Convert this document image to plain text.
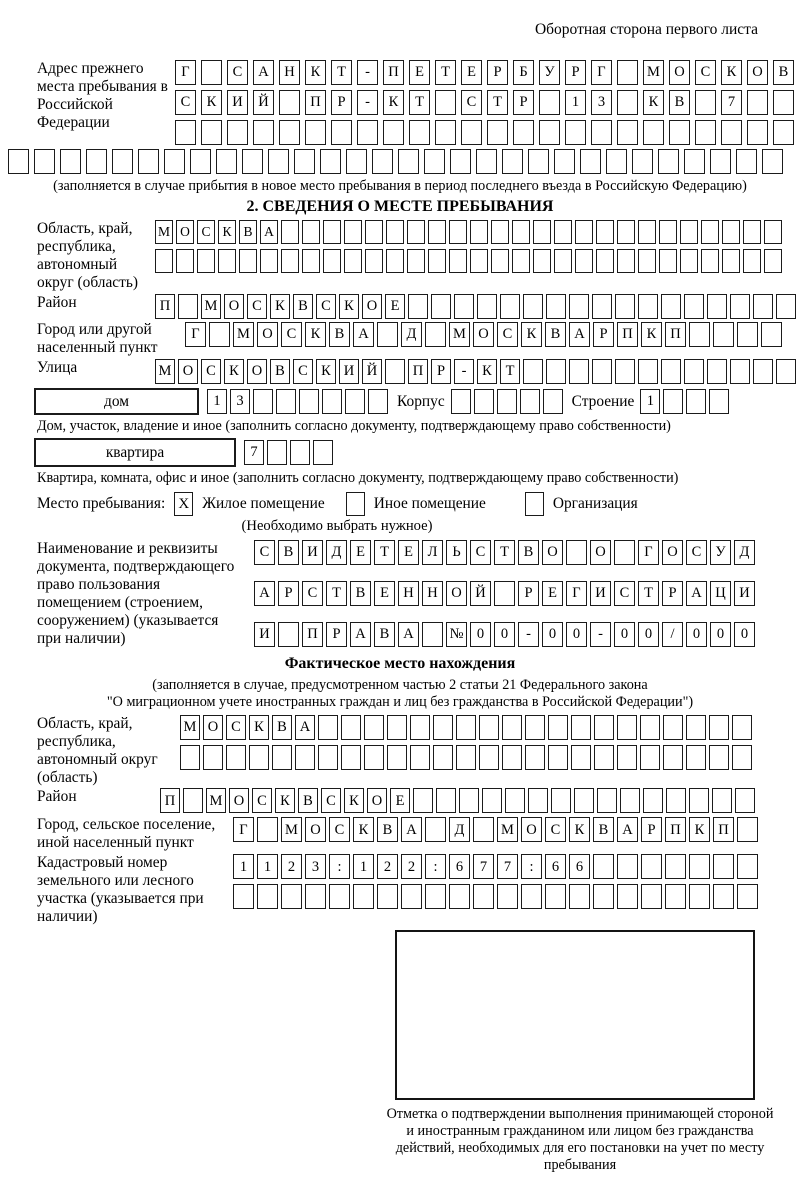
Оборотная сторона первого листа
Адрес прежнего места пребывания в Российской Федерации
Г	С	А	Н	К	Т	-	П	Е	Т	Е	Р	Б	У	Р	Г	М О	С	К	О	В
С	К	И	Й	П	Р	-	К	Т	С	Т	Р	1	3	К	В	7
(заполняется в случае прибытия в новое место пребывания в период последнего въезда в Российскую Федерацию)
2. СВЕДЕНИЯ О МЕСТЕ ПРЕБЫВАНИЯ
Область, край, республика, автономный округ (область)
М О С К В А
Район	П	М О С К В С К О Е
Город или другой населенный пункт
Г	М О С К В А	Д	М О С К В А	Р	П К П
Улица	М О С К О В С К И Й	П Р	-	К Т
дом	1	3	Корпус	Строение 1
Дом, участок, владение и иное (заполнить согласно документу, подтверждающему право собственности)
квартира	7
Квартира, комната, офис и иное (заполнить согласно документу, подтверждающему право собственности)
Место пребывания: X Жилое помещение	Иное помещение	Организация
(Необходимо выбрать нужное)
Наименование и реквизиты документа, подтверждающего право пользования помещением (строением, сооружением) (указывается при наличии)
С В И Д	Е	Т	Е	Л	Ь	С	Т	В О	О	Г	О С У Д
А	Р	С	Т	В	Е Н Н О Й	Р	Е	Г	И С	Т	Р	А Ц И
И	П	Р	А В А	№ 0	0	-	0	0	-	0	0	/	0	0	0
Фактическое место нахождения
(заполняется в случае, предусмотренном частью 2 статьи 21 Федерального закона
"О миграционном учете иностранных граждан и лиц без гражданства в Российской Федерации")
Область, край, республика, автономный округ (область)
М О С К В А
Район	П	М О С К В С К О Е
Город, сельское поселение, иной населенный пункт
Г	М О С К В А	Д	М О С К В А	Р	П К П
Кадастровый номер земельного или лесного участка (указывается при наличии)
1	1	2	3	:	1	2	2	:	6	7	7	:	6	6
Отметка о подтверждении выполнения принимающей стороной и иностранным гражданином или лицом без гражданства действий, необходимых для его постановки на учет по месту пребывания
